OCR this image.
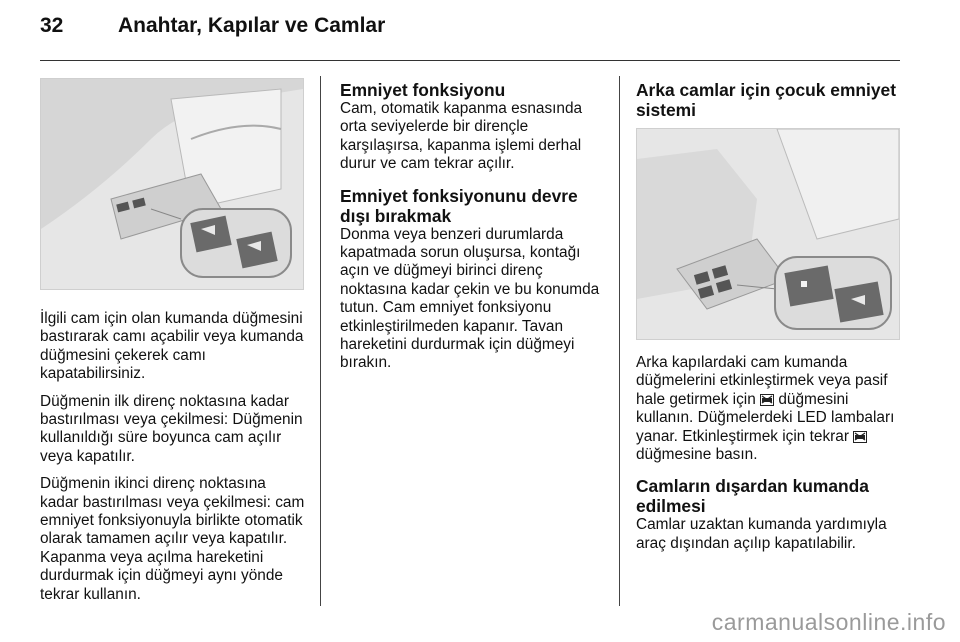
32	Anahtar, Kapılar ve Camlar

İlgili cam için olan kumanda düğmesini bastırarak camı açabilir veya kumanda düğmesini çekerek camı kapatabilirsiniz.

Düğmenin ilk direnç noktasına kadar bastırılması veya çekilmesi: Düğmenin kullanıldığı süre boyunca cam açılır veya kapatılır.

Düğmenin ikinci direnç noktasına kadar bastırılması veya çekilmesi: cam emniyet fonksiyonuyla birlikte otomatik olarak tamamen açılır veya kapatılır. Kapanma veya açılma hareketini durdurmak için düğmeyi aynı yönde tekrar kullanın.

Emniyet fonksiyonu

Cam, otomatik kapanma esnasında orta seviyelerde bir dirençle karşılaşırsa, kapanma işlemi derhal durur ve cam tekrar açılır.

Emniyet fonksiyonunu devre dışı bırakmak

Donma veya benzeri durumlarda kapatmada sorun oluşursa, kontağı açın ve düğmeyi birinci direnç noktasına kadar çekin ve bu konumda tutun. Cam emniyet fonksiyonu etkinleştirilmeden kapanır. Tavan hareketini durdurmak için düğmeyi bırakın.

Arka camlar için çocuk emniyet sistemi

Arka kapılardaki cam kumanda düğmelerini etkinleştirmek veya pasif hale getirmek için düğmesini kullanın. Düğmelerdeki LED lambaları yanar. Etkinleştirmek için tekrar  düğmesine basın.

Camların dışardan kumanda edilmesi

Camlar uzaktan kumanda yardımıyla araç dışından açılıp kapatılabilir.

carmanualsonline.info
